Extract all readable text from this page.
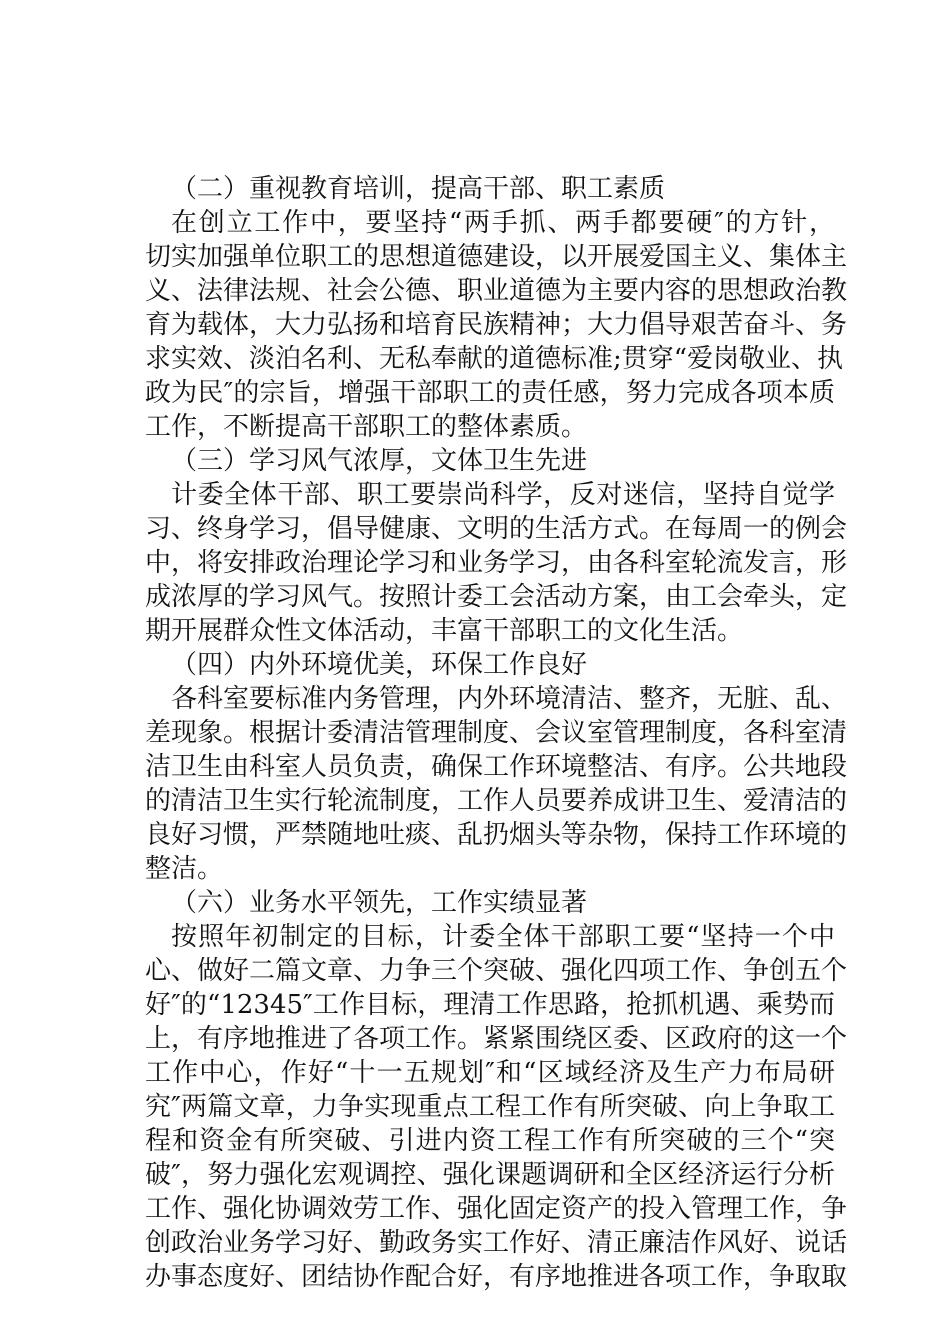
（二）重视教育培训，提高干部、职工素质
在创立工作中，要坚持“两手抓、两手都要硬″的方针，
切实加强单位职工的思想道德建设，以开展爱国主义、集体主
义、法律法规、社会公德、职业道德为主要内容的思想政治教
育为载体，大力弘扬和培育民族精神；大力倡导艰苦奋斗、务
求实效、淡泊名利、无私奉献的道德标准;贯穿“爱岗敬业、执
政为民″的宗旨，增强干部职工的责任感，努力完成各项本质
工作，不断提高干部职工的整体素质。
（三）学习风气浓厚，文体卫生先进
计委全体干部、职工要崇尚科学，反对迷信，坚持自觉学
习、终身学习，倡导健康、文明的生活方式。在每周一的例会
中，将安排政治理论学习和业务学习，由各科室轮流发言，形
成浓厚的学习风气。按照计委工会活动方案，由工会牵头，定
期开展群众性文体活动，丰富干部职工的文化生活。
（四）内外环境优美，环保工作良好
各科室要标准内务管理，内外环境清洁、整齐，无脏、乱、
差现象。根据计委清洁管理制度、会议室管理制度，各科室清
洁卫生由科室人员负责，确保工作环境整洁、有序。公共地段
的清洁卫生实行轮流制度，工作人员要养成讲卫生、爱清洁的
良好习惯，严禁随地吐痰、乱扔烟头等杂物，保持工作环境的
整洁。
（六）业务水平领先，工作实绩显著
按照年初制定的目标，计委全体干部职工要“坚持一个中
心、做好二篇文章、力争三个突破、强化四项工作、争创五个
好″的“12345″工作目标，理清工作思路，抢抓机遇、乘势而
上，有序地推进了各项工作。紧紧围绕区委、区政府的这一个
工作中心，作好“十一五规划″和“区域经济及生产力布局研
究″两篇文章，力争实现重点工程工作有所突破、向上争取工
程和资金有所突破、引进内资工程工作有所突破的三个“突
破″，努力强化宏观调控、强化课题调研和全区经济运行分析
工作、强化协调效劳工作、强化固定资产的投入管理工作，争
创政治业务学习好、勤政务实工作好、清正廉洁作风好、说话
办事态度好、团结协作配合好，有序地推进各项工作，争取取
